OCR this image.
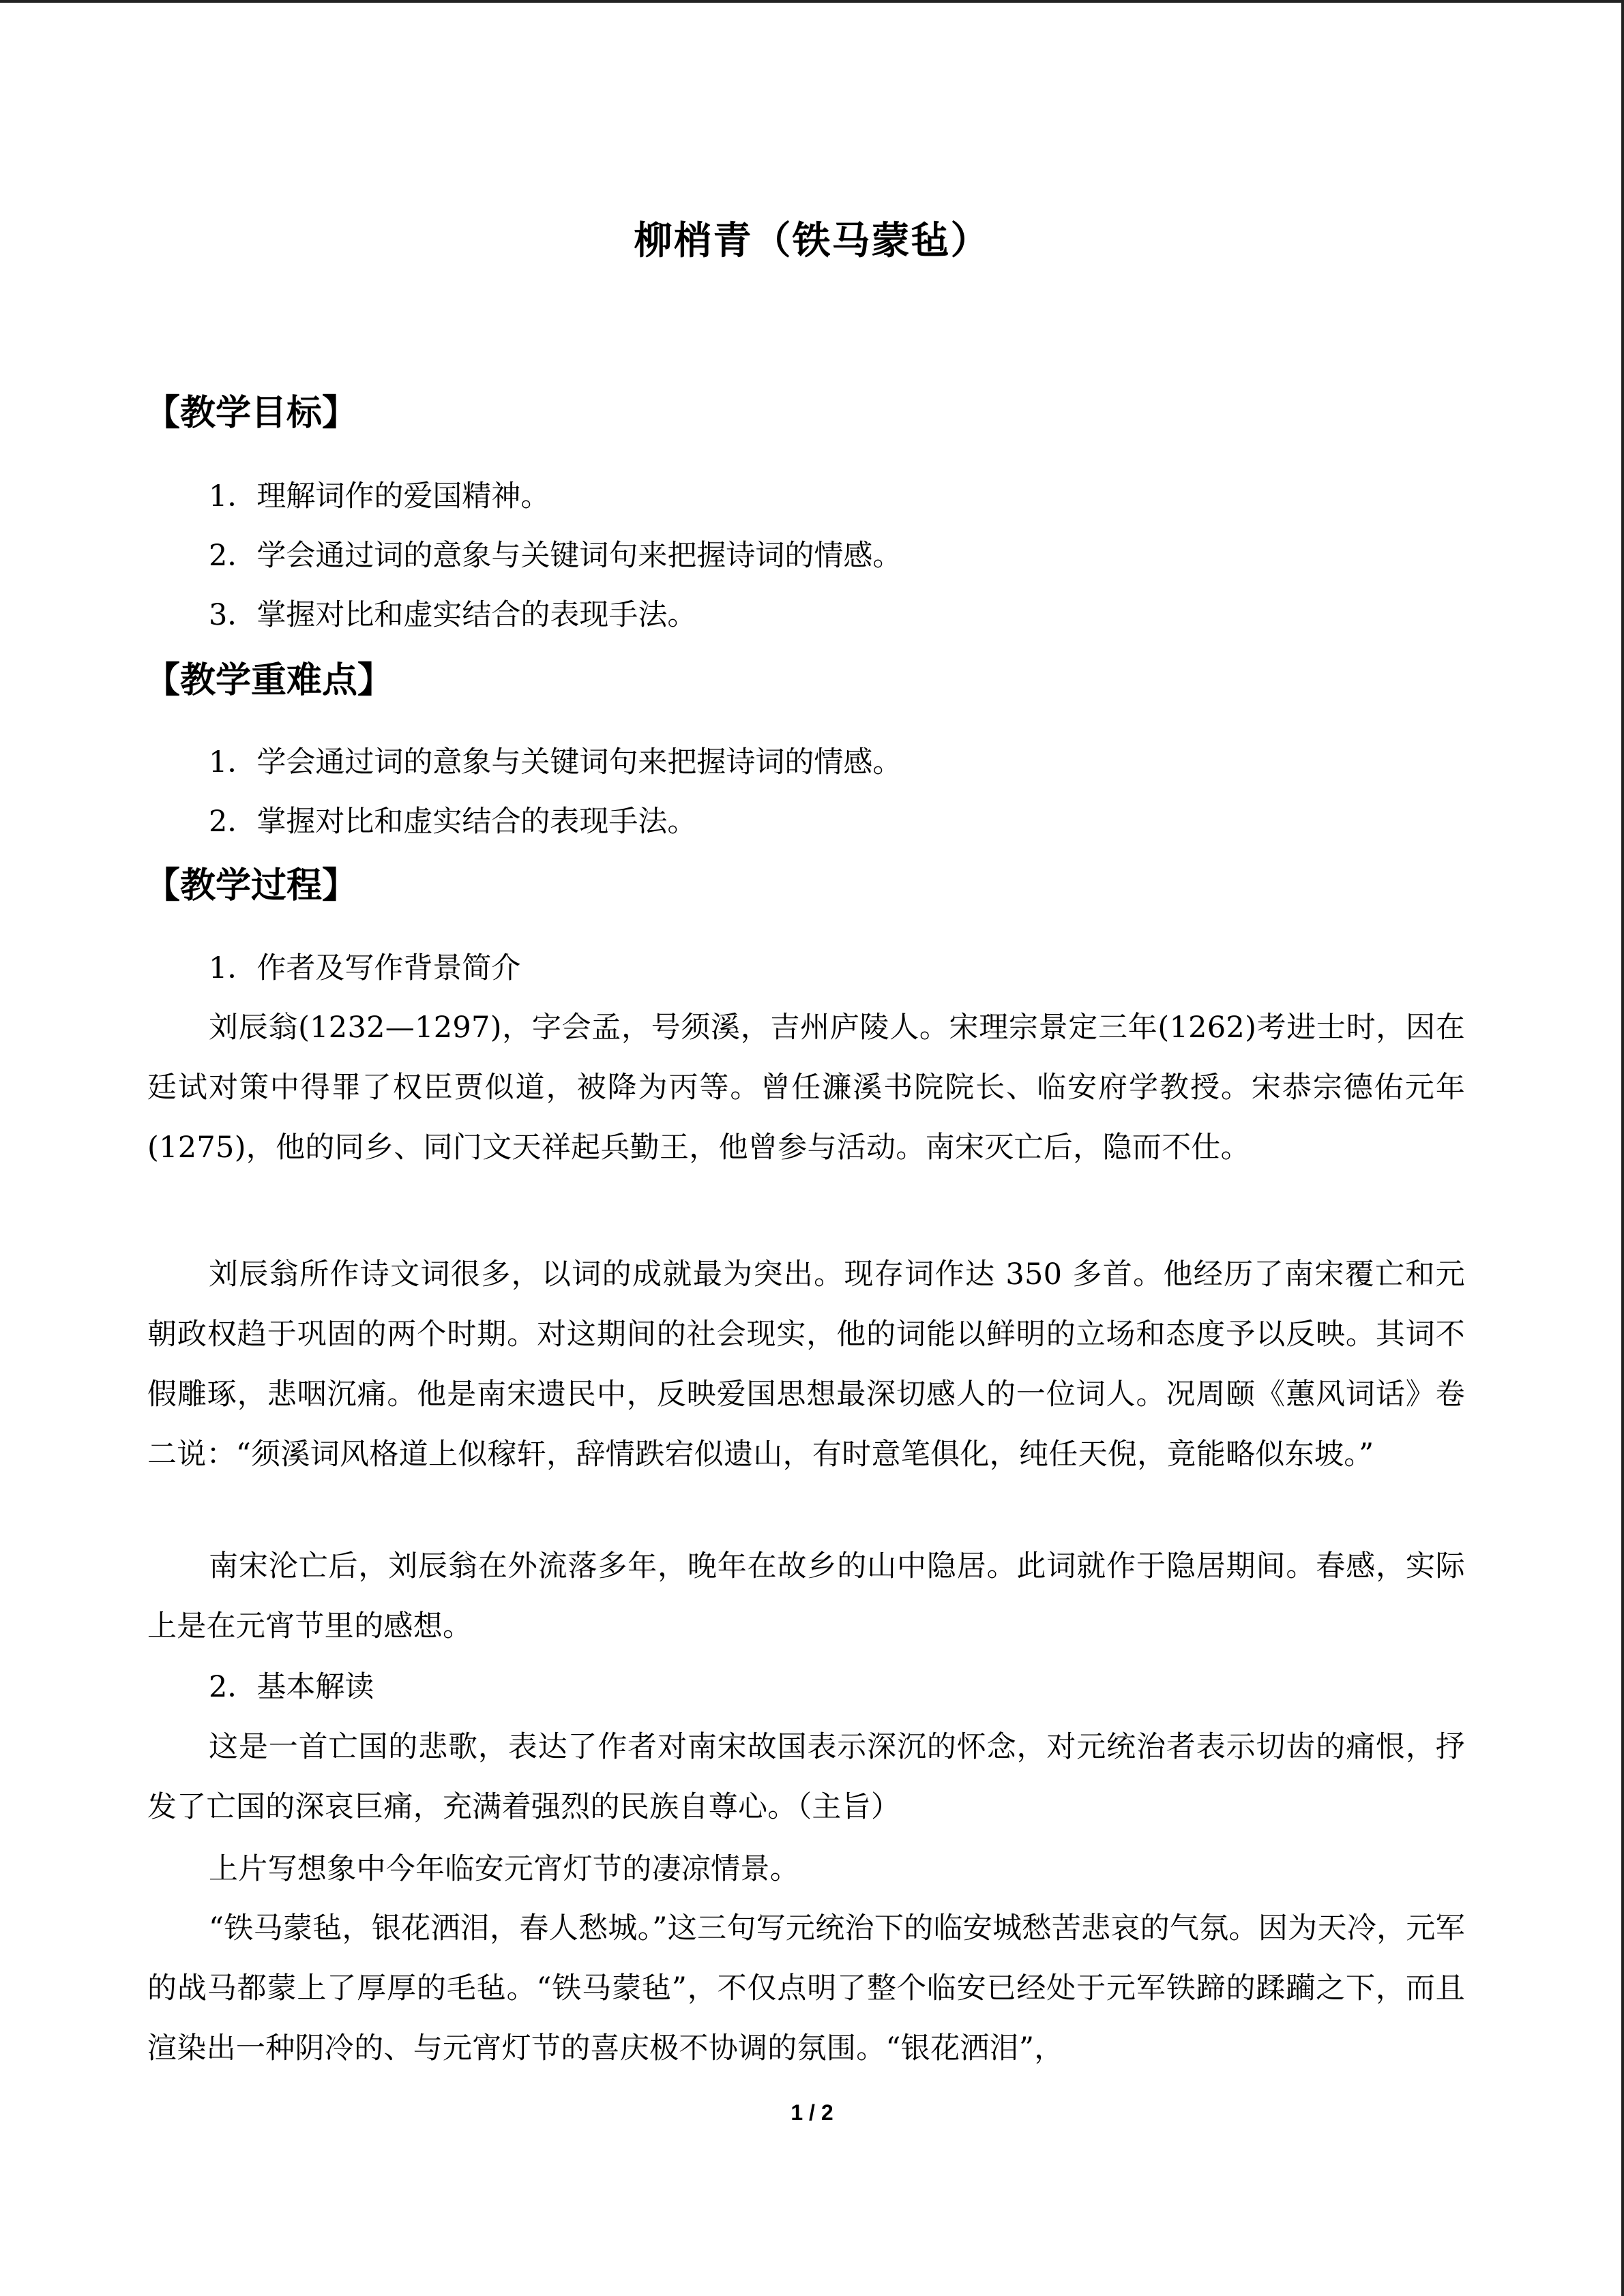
柳梢青（铁马蒙毡）
【教学目标】
1．理解词作的爱国精神。
2．学会通过词的意象与关键词句来把握诗词的情感。
3．掌握对比和虚实结合的表现手法。
【教学重难点】
1．学会通过词的意象与关键词句来把握诗词的情感。
2．掌握对比和虚实结合的表现手法。
【教学过程】
1．作者及写作背景简介
刘辰翁(1232—1297)，字会孟，号须溪，吉州庐陵人。宋理宗景定三年(1262)考进士时，因在廷试对策中得罪了权臣贾似道，被降为丙等。曾任濂溪书院院长、临安府学教授。宋恭宗德佑元年(1275)，他的同乡、同门文天祥起兵勤王，他曾参与活动。南宋灭亡后，隐而不仕。
刘辰翁所作诗文词很多，以词的成就最为突出。现存词作达 350 多首。他经历了南宋覆亡和元朝政权趋于巩固的两个时期。对这期间的社会现实，他的词能以鲜明的立场和态度予以反映。其词不假雕琢，悲咽沉痛。他是南宋遗民中，反映爱国思想最深切感人的一位词人。况周颐《蕙风词话》卷二说：“须溪词风格道上似稼轩，辞情跌宕似遗山，有时意笔俱化，纯任天倪，竟能略似东坡。”
南宋沦亡后，刘辰翁在外流落多年，晚年在故乡的山中隐居。此词就作于隐居期间。春感，实际上是在元宵节里的感想。
2．基本解读
这是一首亡国的悲歌，表达了作者对南宋故国表示深沉的怀念，对元统治者表示切齿的痛恨，抒发了亡国的深哀巨痛，充满着强烈的民族自尊心。（主旨）
上片写想象中今年临安元宵灯节的凄凉情景。
“铁马蒙毡，银花洒泪，春人愁城。”这三句写元统治下的临安城愁苦悲哀的气氛。因为天冷，元军的战马都蒙上了厚厚的毛毡。“铁马蒙毡”，不仅点明了整个临安已经处于元军铁蹄的蹂躏之下，而且渲染出一种阴冷的、与元宵灯节的喜庆极不协调的氛围。“银花洒泪”，
1 / 2
